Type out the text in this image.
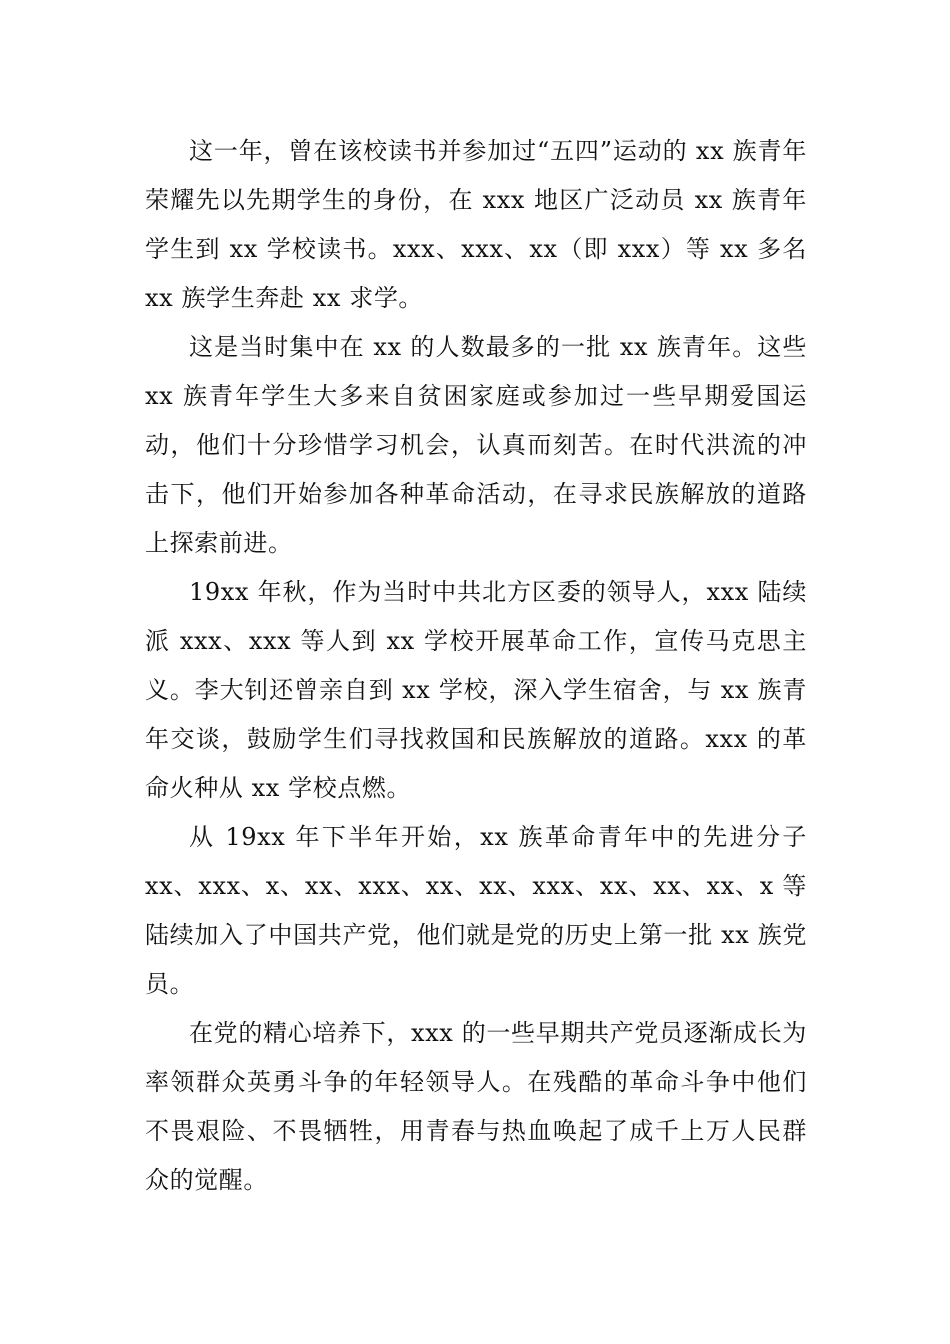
这一年，曾在该校读书并参加过“五四”运动的 xx 族青年荣耀先以先期学生的身份，在 xxx 地区广泛动员 xx 族青年学生到 xx 学校读书。xxx、xxx、xx（即 xxx）等 xx 多名 xx 族学生奔赴 xx 求学。

这是当时集中在 xx 的人数最多的一批 xx 族青年。这些 xx 族青年学生大多来自贫困家庭或参加过一些早期爱国运动，他们十分珍惜学习机会，认真而刻苦。在时代洪流的冲击下，他们开始参加各种革命活动，在寻求民族解放的道路上探索前进。

19xx 年秋，作为当时中共北方区委的领导人，xxx 陆续派 xxx、xxx 等人到 xx 学校开展革命工作，宣传马克思主义。李大钊还曾亲自到 xx 学校，深入学生宿舍，与 xx 族青年交谈，鼓励学生们寻找救国和民族解放的道路。xxx 的革命火种从 xx 学校点燃。

从 19xx 年下半年开始，xx 族革命青年中的先进分子 xx、xxx、x、xx、xxx、xx、xx、xxx、xx、xx、xx、x 等陆续加入了中国共产党，他们就是党的历史上第一批 xx 族党员。

在党的精心培养下，xxx 的一些早期共产党员逐渐成长为率领群众英勇斗争的年轻领导人。在残酷的革命斗争中他们不畏艰险、不畏牺牲，用青春与热血唤起了成千上万人民群众的觉醒。
